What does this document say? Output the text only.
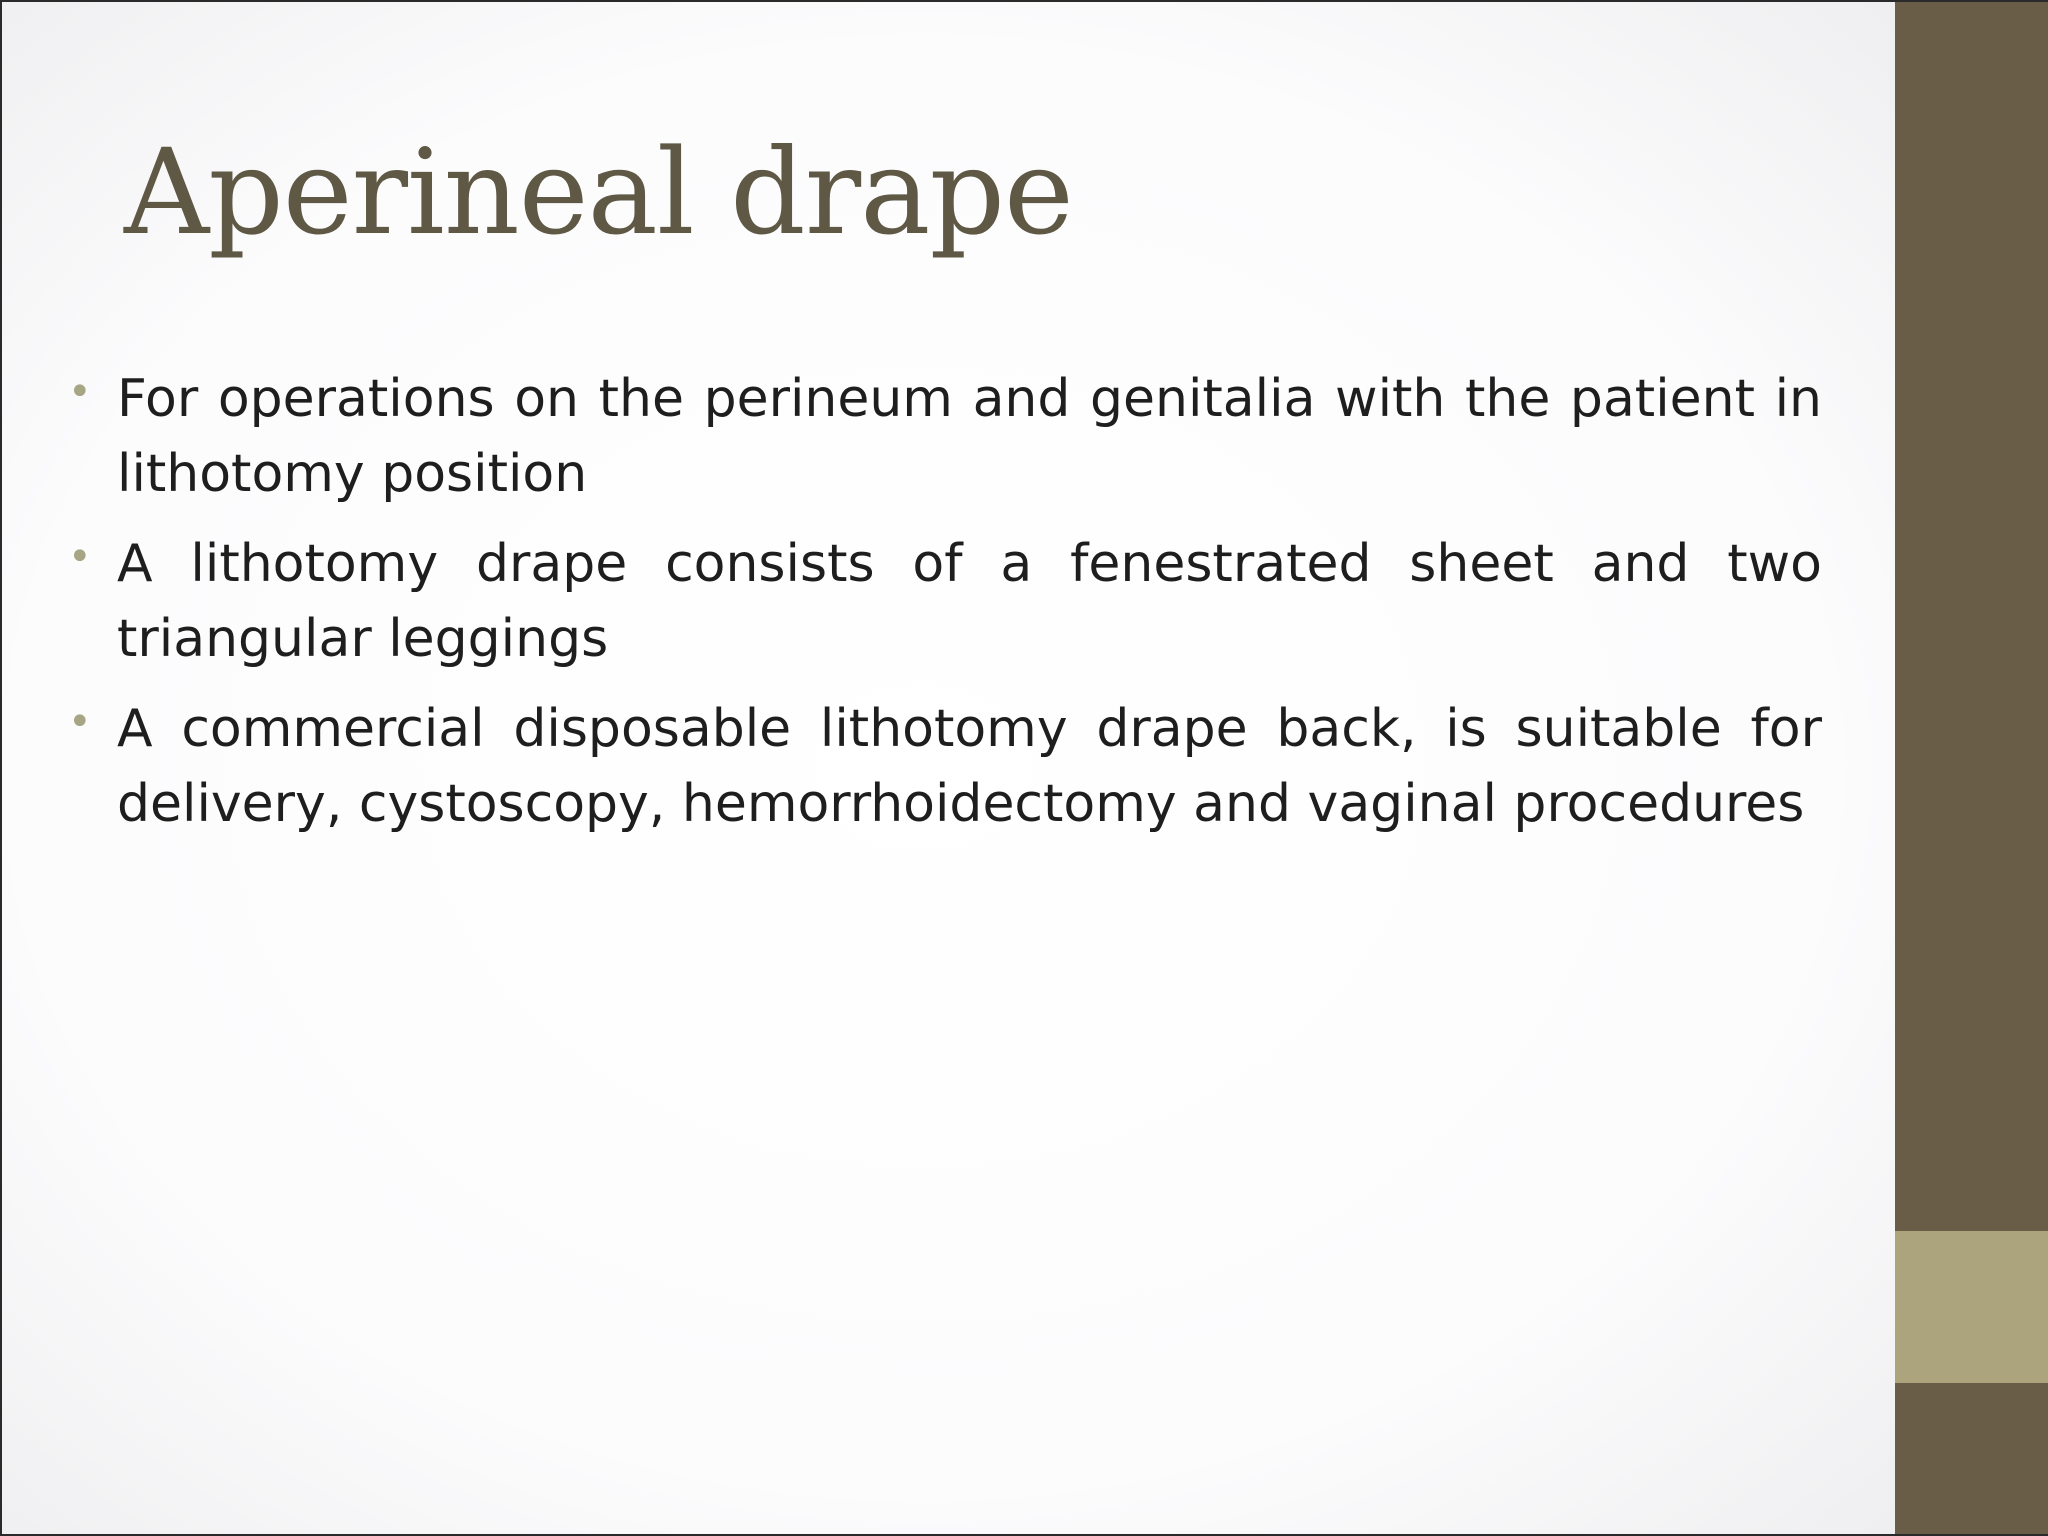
Aperineal drape
• For operations on the perineum and genitalia with the patient in lithotomy position
• A lithotomy drape consists of a fenestrated sheet and two triangular leggings
• A commercial disposable lithotomy drape back, is suitable for delivery, cystoscopy, hemorrhoidectomy and vaginal procedures
